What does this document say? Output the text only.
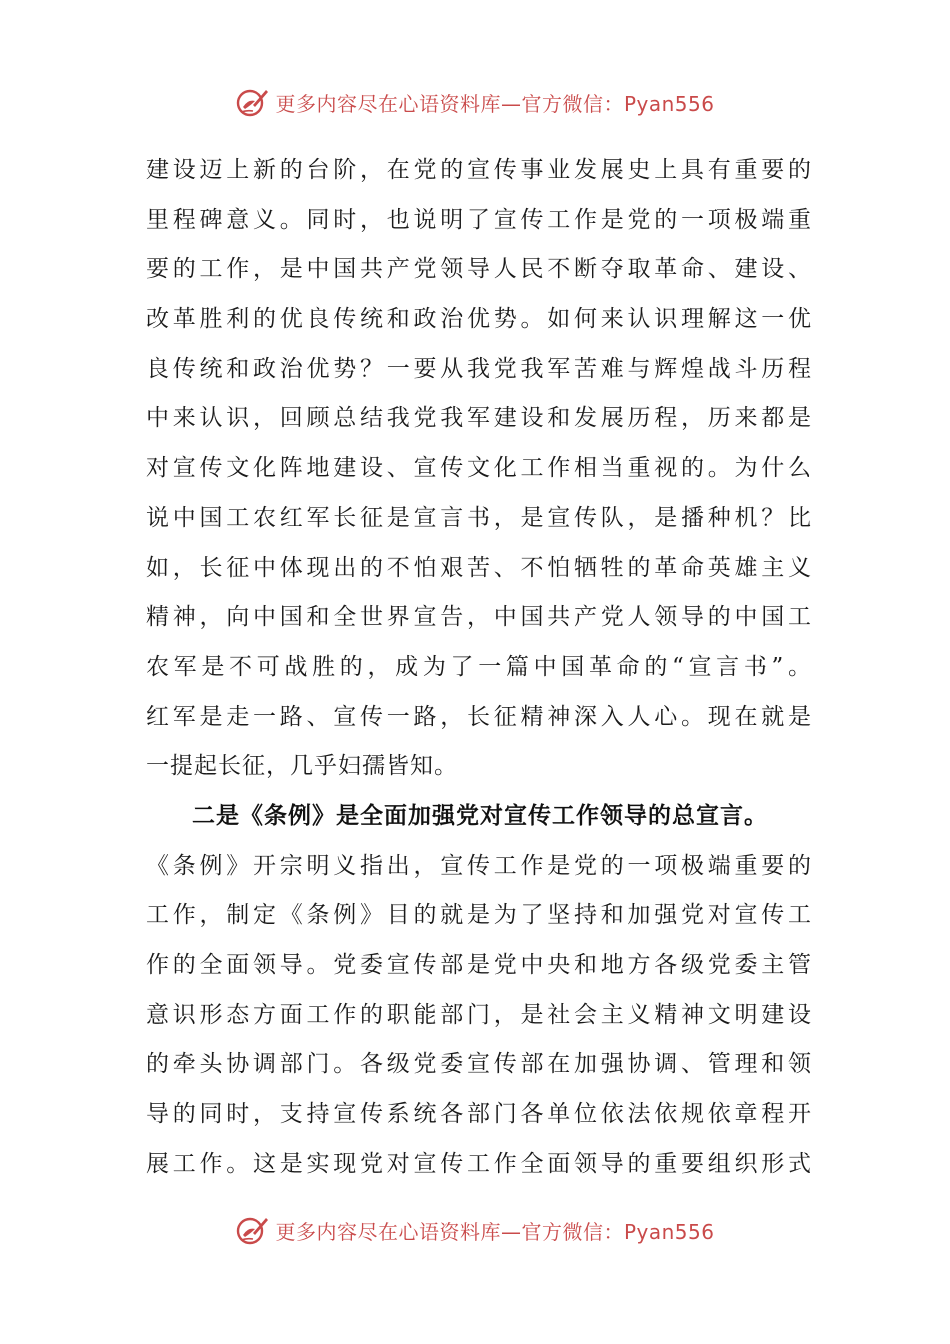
更多内容尽在心语资料库—官方微信：Pyan556
建设迈上新的台阶，在党的宣传事业发展史上具有重要的
里程碑意义。同时，也说明了宣传工作是党的一项极端重
要的工作，是中国共产党领导人民不断夺取革命、建设、
改革胜利的优良传统和政治优势。如何来认识理解这一优
良传统和政治优势？一要从我党我军苦难与辉煌战斗历程
中来认识，回顾总结我党我军建设和发展历程，历来都是
对宣传文化阵地建设、宣传文化工作相当重视的。为什么
说中国工农红军长征是宣言书，是宣传队，是播种机？比
如，长征中体现出的不怕艰苦、不怕牺牲的革命英雄主义
精神，向中国和全世界宣告，中国共产党人领导的中国工
农军是不可战胜的，成为了一篇中国革命的“宣言书”。
红军是走一路、宣传一路，长征精神深入人心。现在就是
一提起长征，几乎妇孺皆知。
二是《条例》是全面加强党对宣传工作领导的总宣言。
《条例》开宗明义指出，宣传工作是党的一项极端重要的
工作，制定《条例》目的就是为了坚持和加强党对宣传工
作的全面领导。党委宣传部是党中央和地方各级党委主管
意识形态方面工作的职能部门，是社会主义精神文明建设
的牵头协调部门。各级党委宣传部在加强协调、管理和领
导的同时，支持宣传系统各部门各单位依法依规依章程开
展工作。这是实现党对宣传工作全面领导的重要组织形式
更多内容尽在心语资料库—官方微信：Pyan556
